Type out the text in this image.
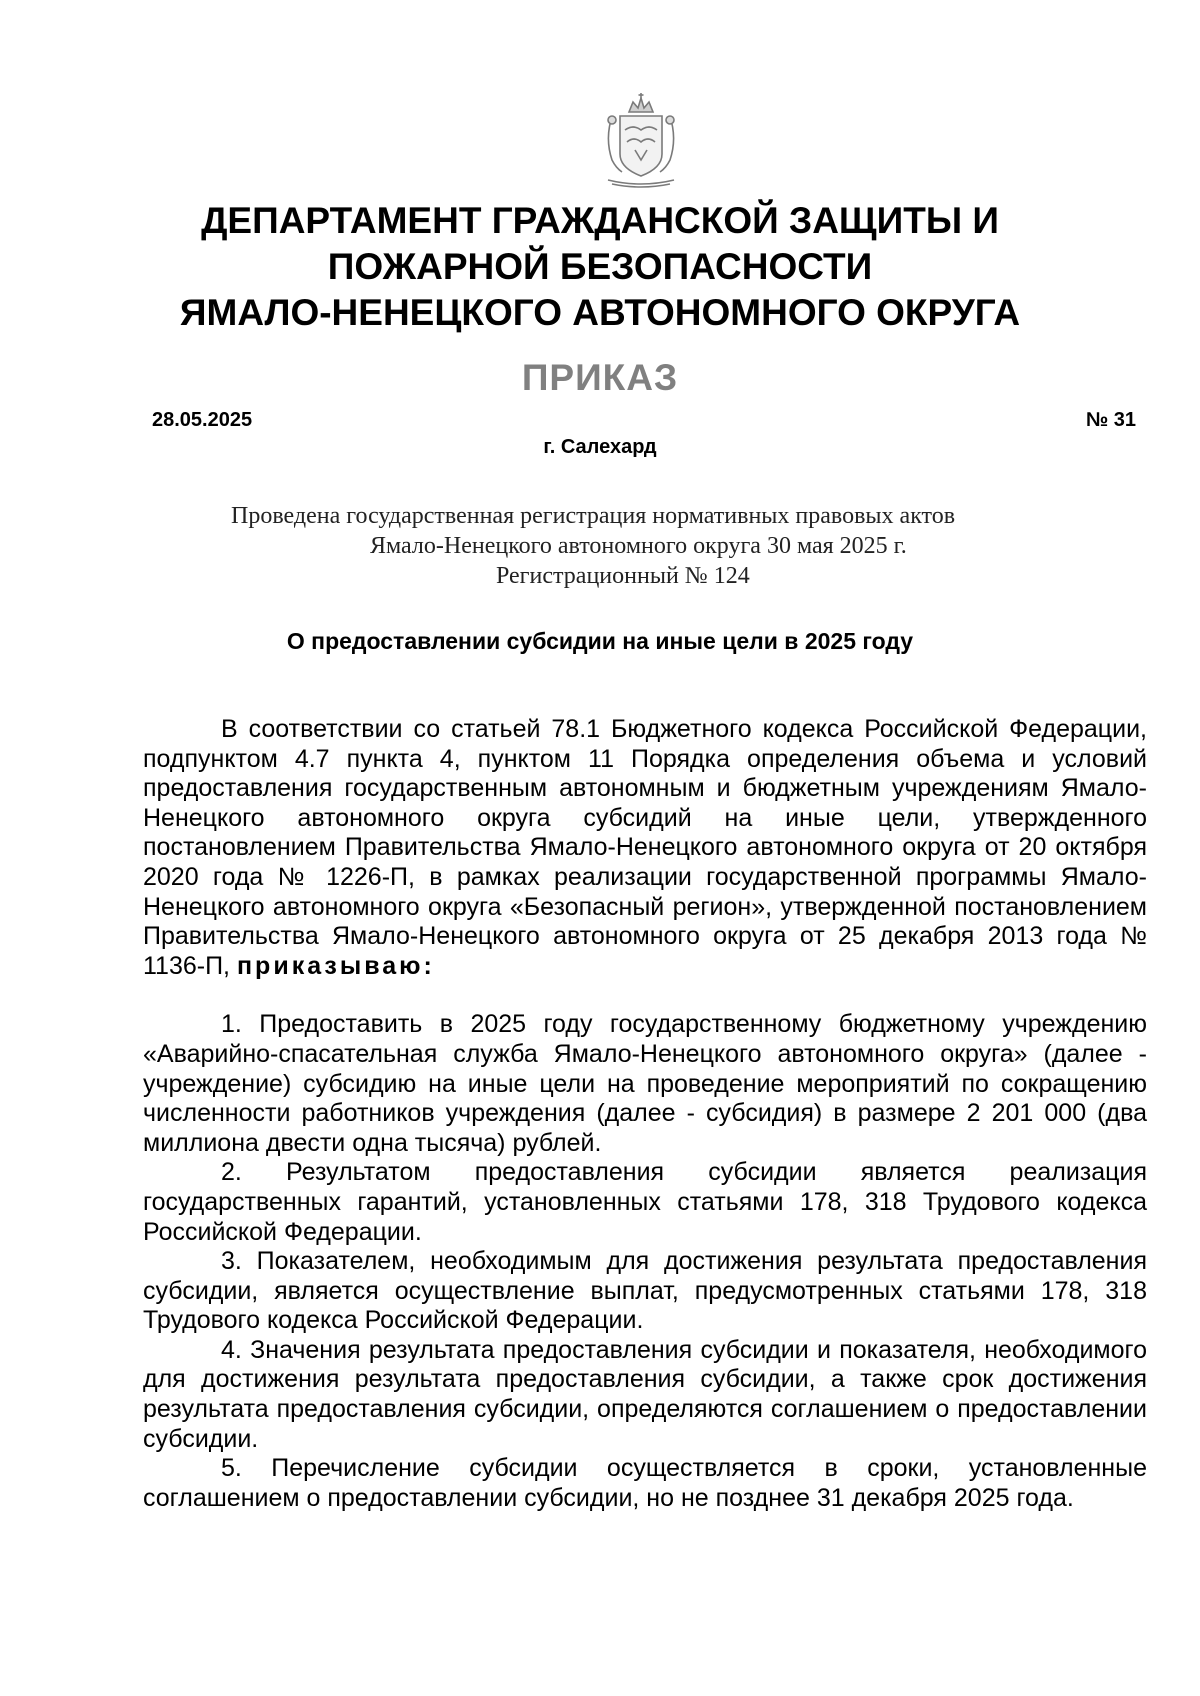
ДЕПАРТАМЕНТ ГРАЖДАНСКОЙ ЗАЩИТЫ И
ПОЖАРНОЙ БЕЗОПАСНОСТИ
ЯМАЛО-НЕНЕЦКОГО АВТОНОМНОГО ОКРУГА
ПРИКАЗ
28.05.2025	№ 31
г. Салехард
Проведена государственная регистрация нормативных правовых актов
Ямало-Ненецкого автономного округа 30 мая 2025 г.
Регистрационный № 124
О предоставлении субсидии на иные цели в 2025 году

В соответствии со статьей 78.1 Бюджетного кодекса Российской Федерации, подпунктом 4.7 пункта 4, пунктом 11 Порядка определения объема и условий предоставления государственным автономным и бюджетным учреждениям Ямало-Ненецкого автономного округа субсидий на иные цели, утвержденного постановлением Правительства Ямало-Ненецкого автономного округа от 20 октября 2020 года № 1226-П, в рамках реализации государственной программы Ямало-Ненецкого автономного округа «Безопасный регион», утвержденной постановлением Правительства Ямало-Ненецкого автономного округа от 25 декабря 2013 года № 1136-П, приказываю:

1. Предоставить в 2025 году государственному бюджетному учреждению «Аварийно-спасательная служба Ямало-Ненецкого автономного округа» (далее - учреждение) субсидию на иные цели на проведение мероприятий по сокращению численности работников учреждения (далее - субсидия) в размере 2 201 000 (два миллиона двести одна тысяча) рублей.

2. Результатом предоставления субсидии является реализация государственных гарантий, установленных статьями 178, 318 Трудового кодекса Российской Федерации.

3. Показателем, необходимым для достижения результата предоставления субсидии, является осуществление выплат, предусмотренных статьями 178, 318 Трудового кодекса Российской Федерации.

4. Значения результата предоставления субсидии и показателя, необходимого для достижения результата предоставления субсидии, а также срок достижения результата предоставления субсидии, определяются соглашением о предоставлении субсидии.

5. Перечисление субсидии осуществляется в сроки, установленные соглашением о предоставлении субсидии, но не позднее 31 декабря 2025 года.
